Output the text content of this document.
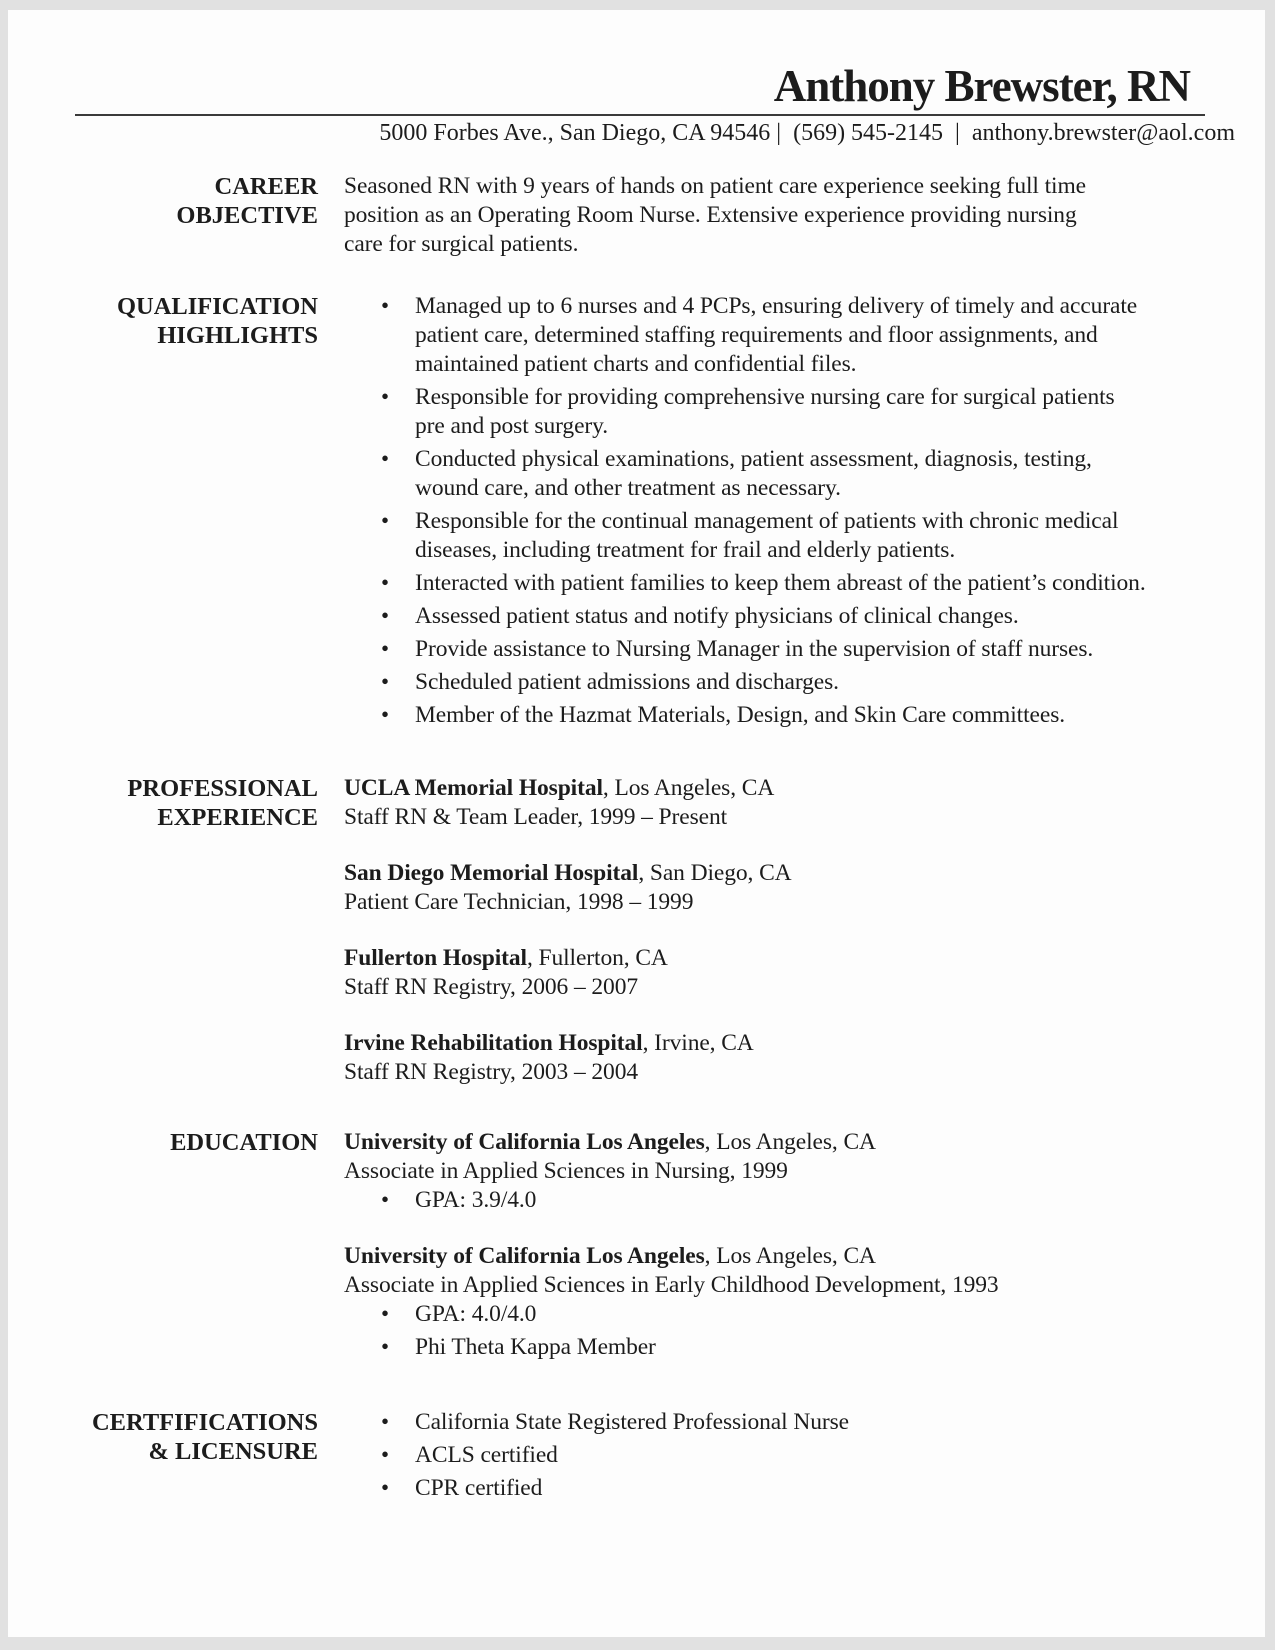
Anthony Brewster, RN
5000 Forbes Ave., San Diego, CA 94546 |  (569) 545-2145  |  anthony.brewster@aol.com
CAREER
OBJECTIVE

Seasoned RN with 9 years of hands on patient care experience seeking full time position as an Operating Room Nurse. Extensive experience providing nursing care for surgical patients.

QUALIFICATION
HIGHLIGHTS
• Managed up to 6 nurses and 4 PCPs, ensuring delivery of timely and accurate patient care, determined staffing requirements and floor assignments, and maintained patient charts and confidential files.
• Responsible for providing comprehensive nursing care for surgical patients pre and post surgery.
• Conducted physical examinations, patient assessment, diagnosis, testing, wound care, and other treatment as necessary.
• Responsible for the continual management of patients with chronic medical diseases, including treatment for frail and elderly patients.
• Interacted with patient families to keep them abreast of the patient’s condition.
• Assessed patient status and notify physicians of clinical changes.
• Provide assistance to Nursing Manager in the supervision of staff nurses.
• Scheduled patient admissions and discharges.
• Member of the Hazmat Materials, Design, and Skin Care committees.
PROFESSIONAL
EXPERIENCE
UCLA Memorial Hospital, Los Angeles, CA
Staff RN & Team Leader, 1999 – Present
San Diego Memorial Hospital, San Diego, CA
Patient Care Technician, 1998 – 1999
Fullerton Hospital, Fullerton, CA
Staff RN Registry, 2006 – 2007
Irvine Rehabilitation Hospital, Irvine, CA
Staff RN Registry, 2003 – 2004
EDUCATION University of California Los Angeles, Los Angeles, CA
Associate in Applied Sciences in Nursing, 1999
• GPA: 3.9/4.0
University of California Los Angeles, Los Angeles, CA
Associate in Applied Sciences in Early Childhood Development, 1993
• GPA: 4.0/4.0
• Phi Theta Kappa Member
CERTFIFICATIONS
& LICENSURE
• California State Registered Professional Nurse
• ACLS certified
• CPR certified
